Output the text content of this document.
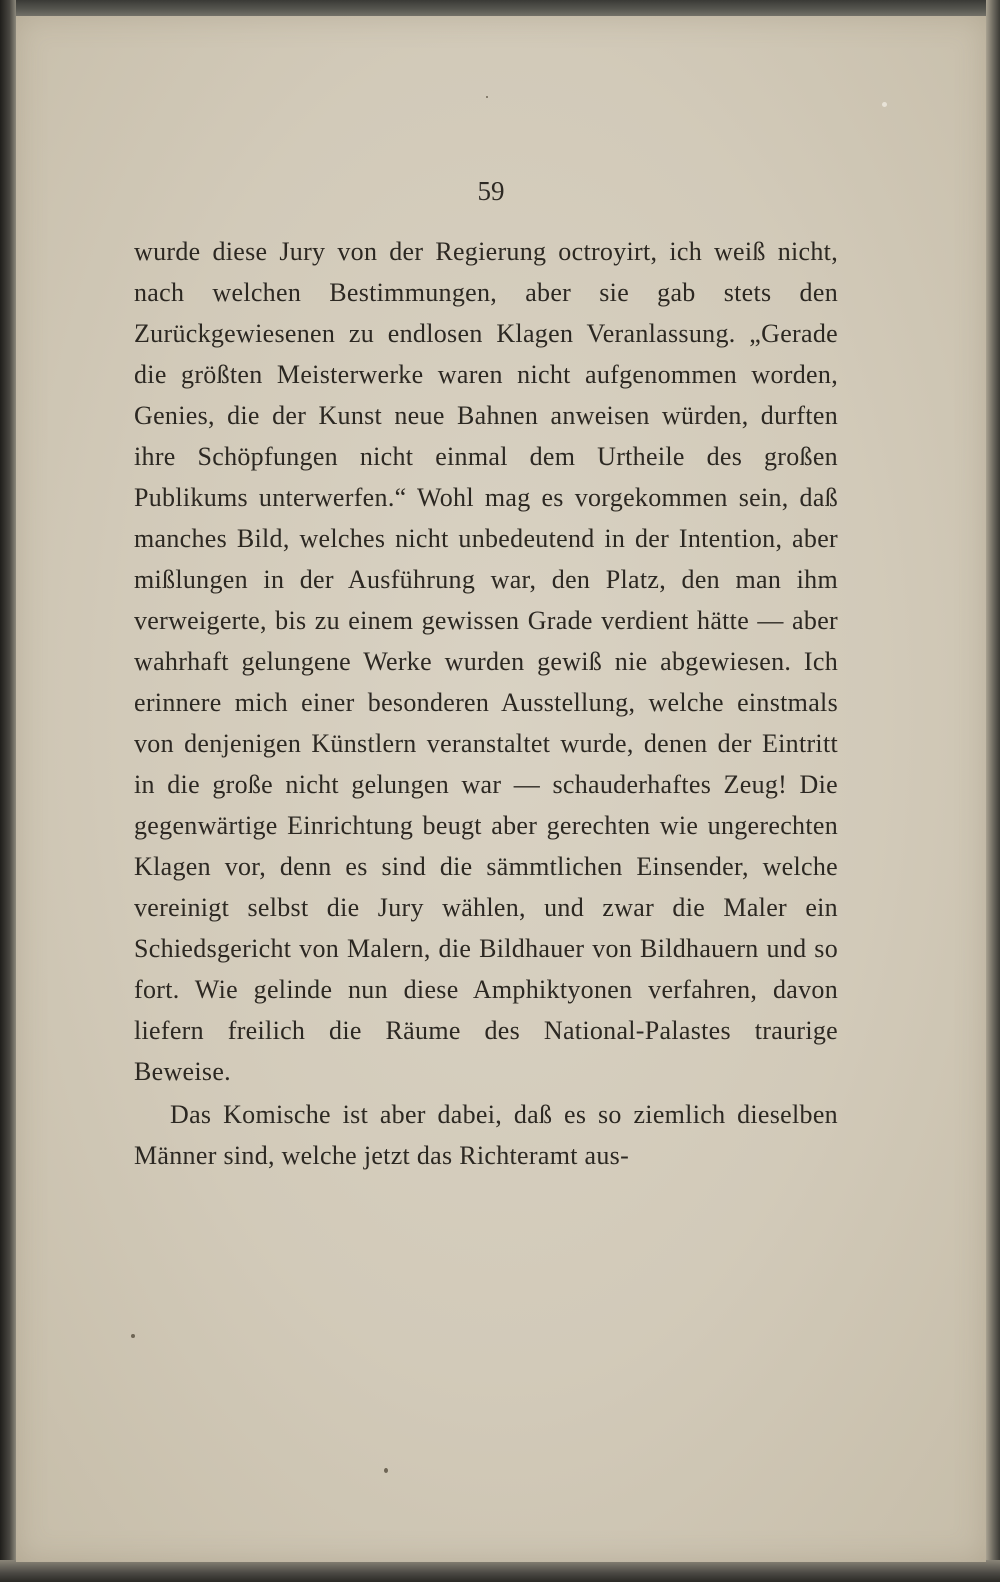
59

wurde diese Jury von der Regierung octroyirt, ich weiß nicht, nach welchen Bestimmungen, aber sie gab stets den Zurückgewiesenen zu endlosen Klagen Veranlassung. „Gerade die größten Meisterwerke waren nicht aufgenommen worden, Genies, die der Kunst neue Bahnen anweisen würden, durften ihre Schöpfungen nicht einmal dem Urtheile des großen Publikums unterwerfen.“ Wohl mag es vorgekommen sein, daß manches Bild, welches nicht unbedeutend in der Intention, aber mißlungen in der Ausführung war, den Platz, den man ihm verweigerte, bis zu einem gewissen Grade verdient hätte — aber wahrhaft gelungene Werke wurden gewiß nie abgewiesen. Ich erinnere mich einer besonderen Ausstellung, welche einstmals von denjenigen Künstlern veranstaltet wurde, denen der Eintritt in die große nicht gelungen war — schauderhaftes Zeug! Die gegenwärtige Einrichtung beugt aber gerechten wie ungerechten Klagen vor, denn es sind die sämmtlichen Einsender, welche vereinigt selbst die Jury wählen, und zwar die Maler ein Schiedsgericht von Malern, die Bildhauer von Bildhauern und so fort. Wie gelinde nun diese Amphiktyonen verfahren, davon liefern freilich die Räume des National-Palastes traurige Beweise.

Das Komische ist aber dabei, daß es so ziemlich dieselben Männer sind, welche jetzt das Richteramt aus-
